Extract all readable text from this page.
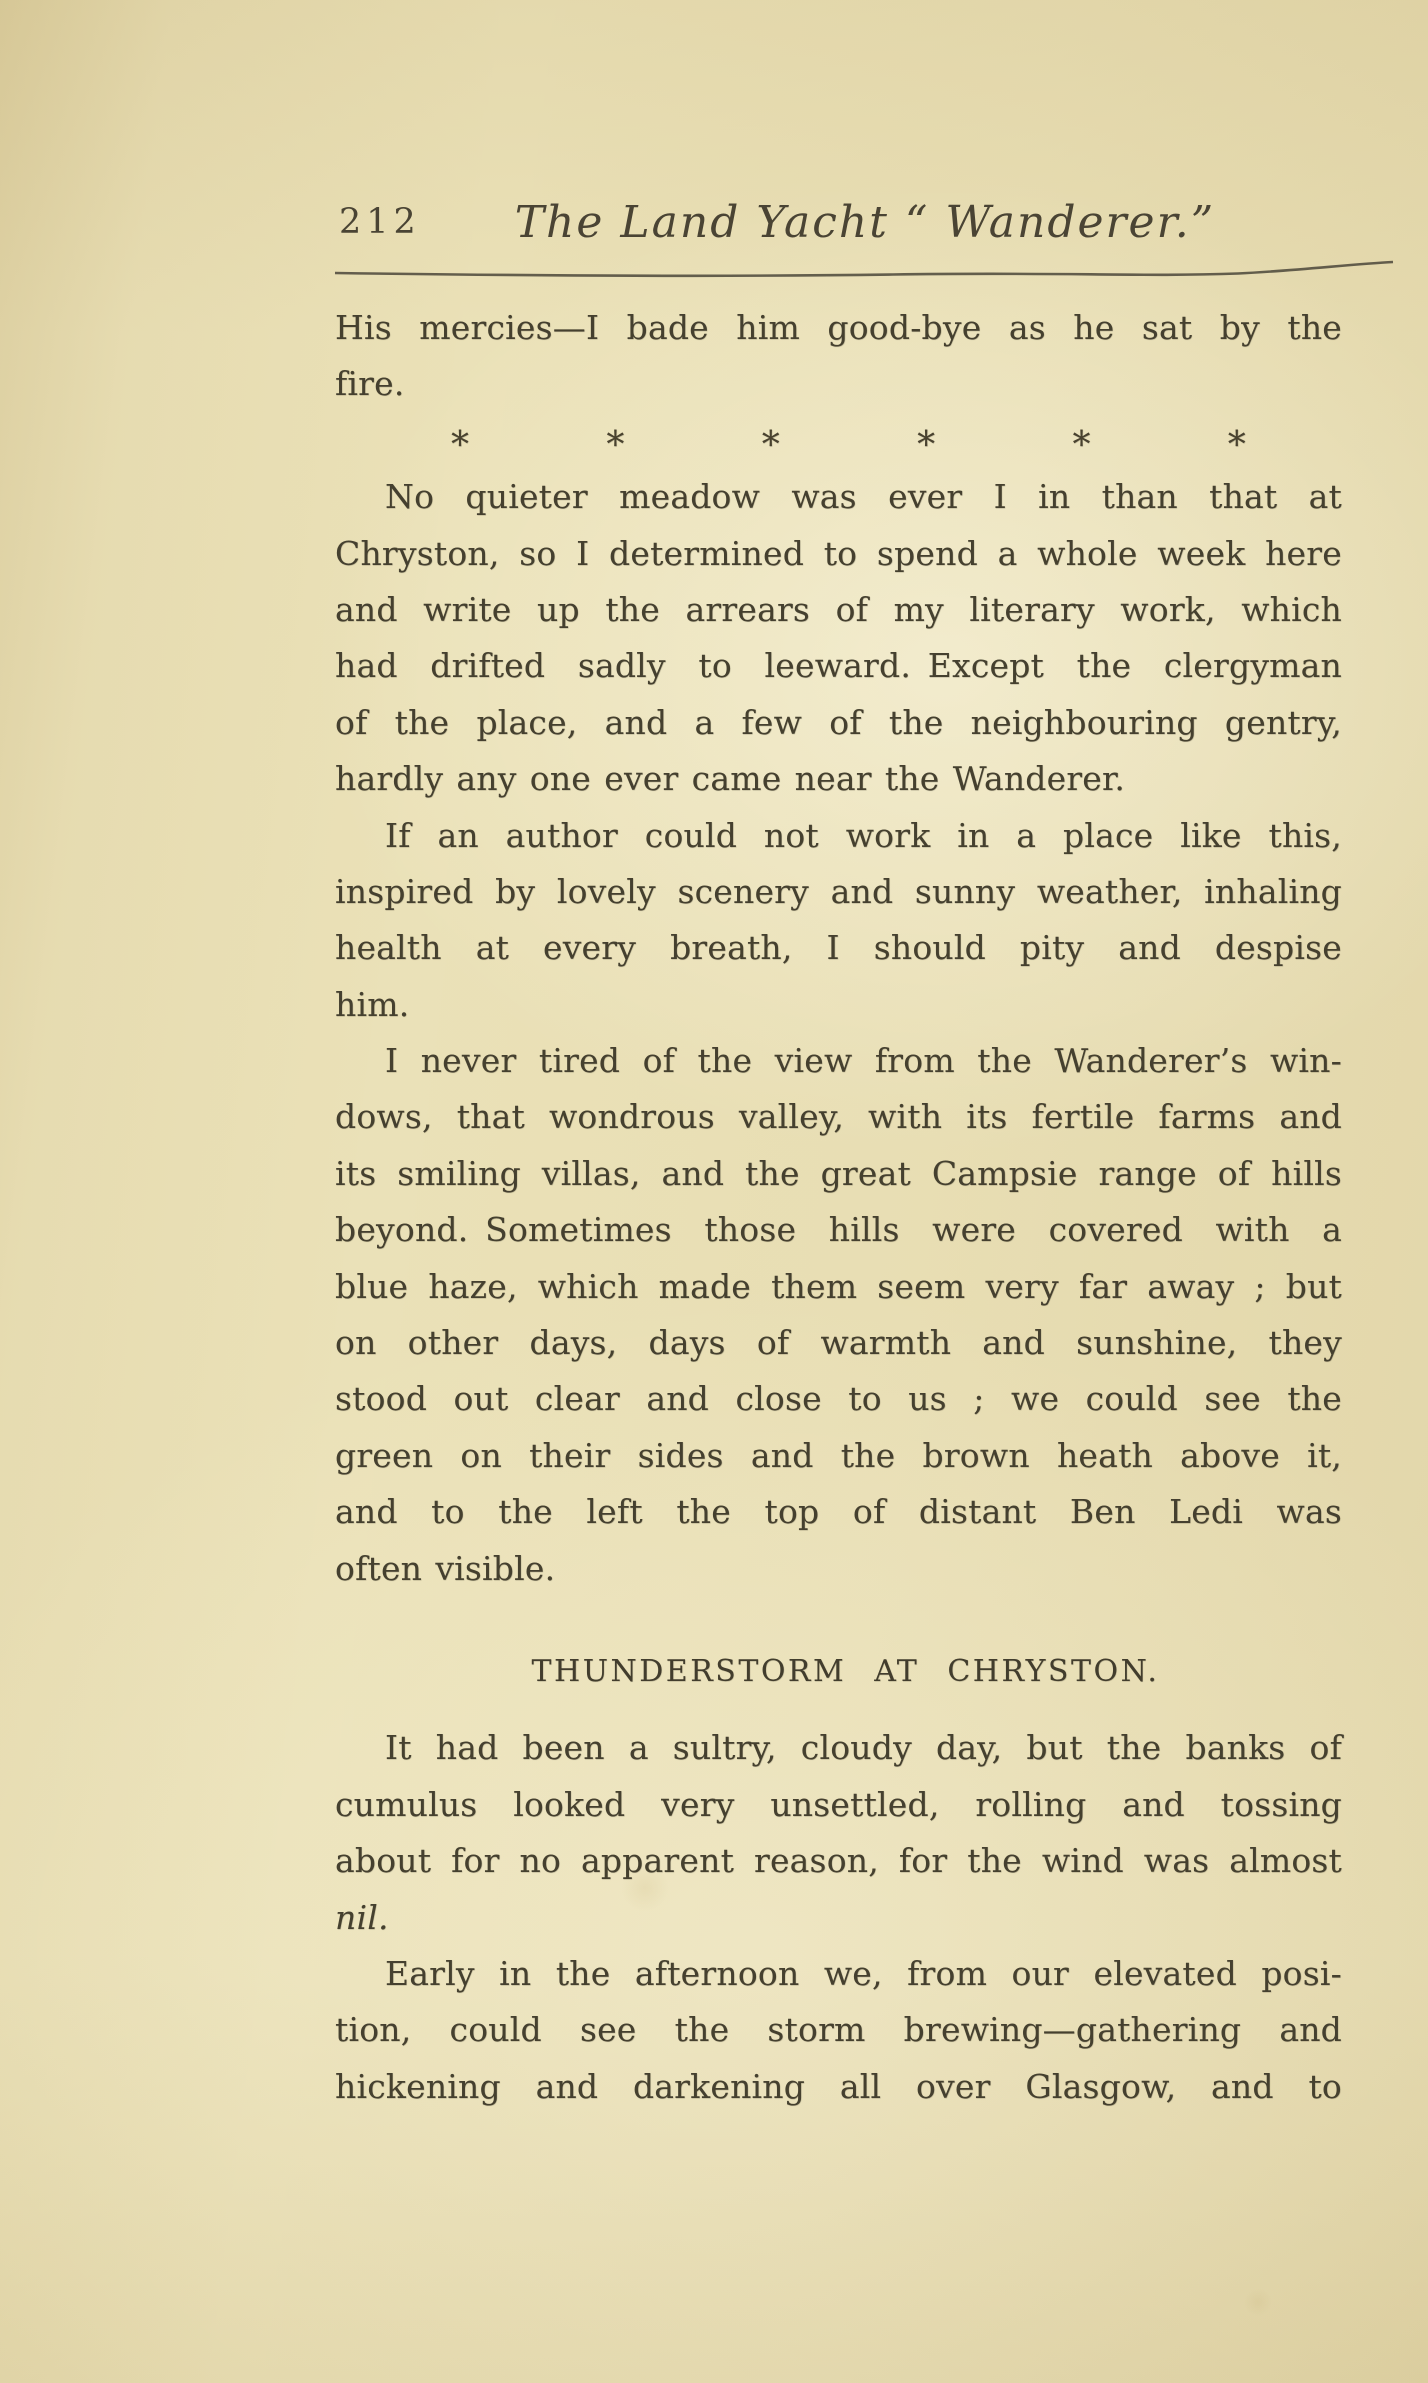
212	The Land Yacht “ Wanderer.”
His mercies—I bade him good-bye as he sat by the
fire.
*	*	*	*	*	*
No quieter meadow was ever I in than that at
Chryston, so I determined to spend a whole week here
and write up the arrears of my literary work, which
had drifted sadly to leeward. Except the clergyman
of the place, and a few of the neighbouring gentry,
hardly any one ever came near the Wanderer.
If an author could not work in a place like this,
inspired by lovely scenery and sunny weather, inhaling
health at every breath, I should pity and despise
him.
I never tired of the view from the Wanderer’s win-
dows, that wondrous valley, with its fertile farms and
its smiling villas, and the great Campsie range of hills
beyond. Sometimes those hills were covered with a
blue haze, which made them seem very far away ; but
on other days, days of warmth and sunshine, they
stood out clear and close to us ; we could see the
green on their sides and the brown heath above it,
and to the left the top of distant Ben Ledi was
often visible.
THUNDERSTORM AT CHRYSTON.
It had been a sultry, cloudy day, but the banks of
cumulus looked very unsettled, rolling and tossing
about for no apparent reason, for the wind was almost
nil.
Early in the afternoon we, from our elevated posi-
tion, could see the storm brewing—gathering and
hickening and darkening all over Glasgow, and to
